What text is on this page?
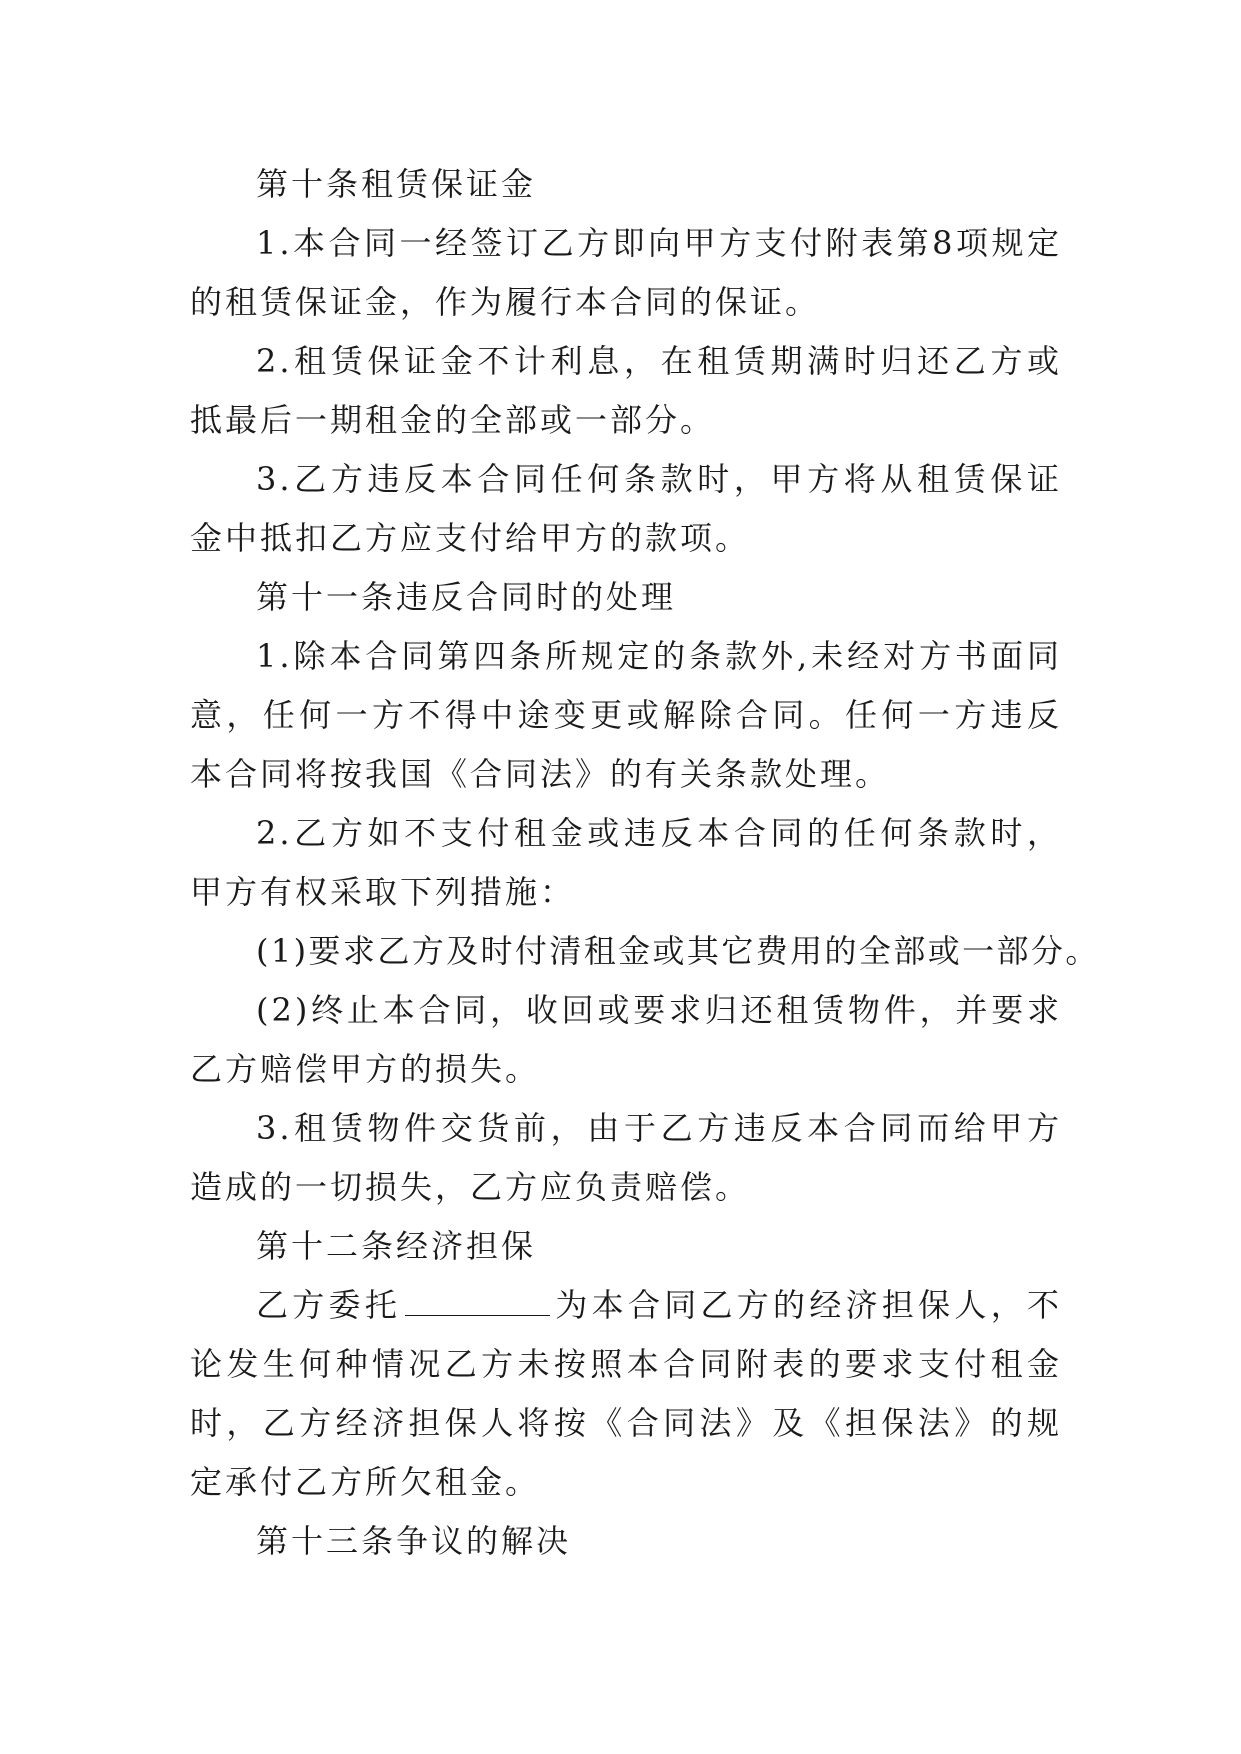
第十条租赁保证金

1.本合同一经签订乙方即向甲方支付附表第8项规定的租赁保证金，作为履行本合同的保证。

2.租赁保证金不计利息，在租赁期满时归还乙方或抵最后一期租金的全部或一部分。

3.乙方违反本合同任何条款时，甲方将从租赁保证金中抵扣乙方应支付给甲方的款项。

第十一条违反合同时的处理

1.除本合同第四条所规定的条款外,未经对方书面同意，任何一方不得中途变更或解除合同。任何一方违反本合同将按我国《合同法》的有关条款处理。

2.乙方如不支付租金或违反本合同的任何条款时，甲方有权采取下列措施：

(1)要求乙方及时付清租金或其它费用的全部或一部分。

(2)终止本合同，收回或要求归还租赁物件，并要求乙方赔偿甲方的损失。

3.租赁物件交货前，由于乙方违反本合同而给甲方造成的一切损失，乙方应负责赔偿。

第十二条经济担保

乙方委托	为本合同乙方的经济担保人，不论发生何种情况乙方未按照本合同附表的要求支付租金时，乙方经济担保人将按《合同法》及《担保法》的规定承付乙方所欠租金。

第十三条争议的解决
